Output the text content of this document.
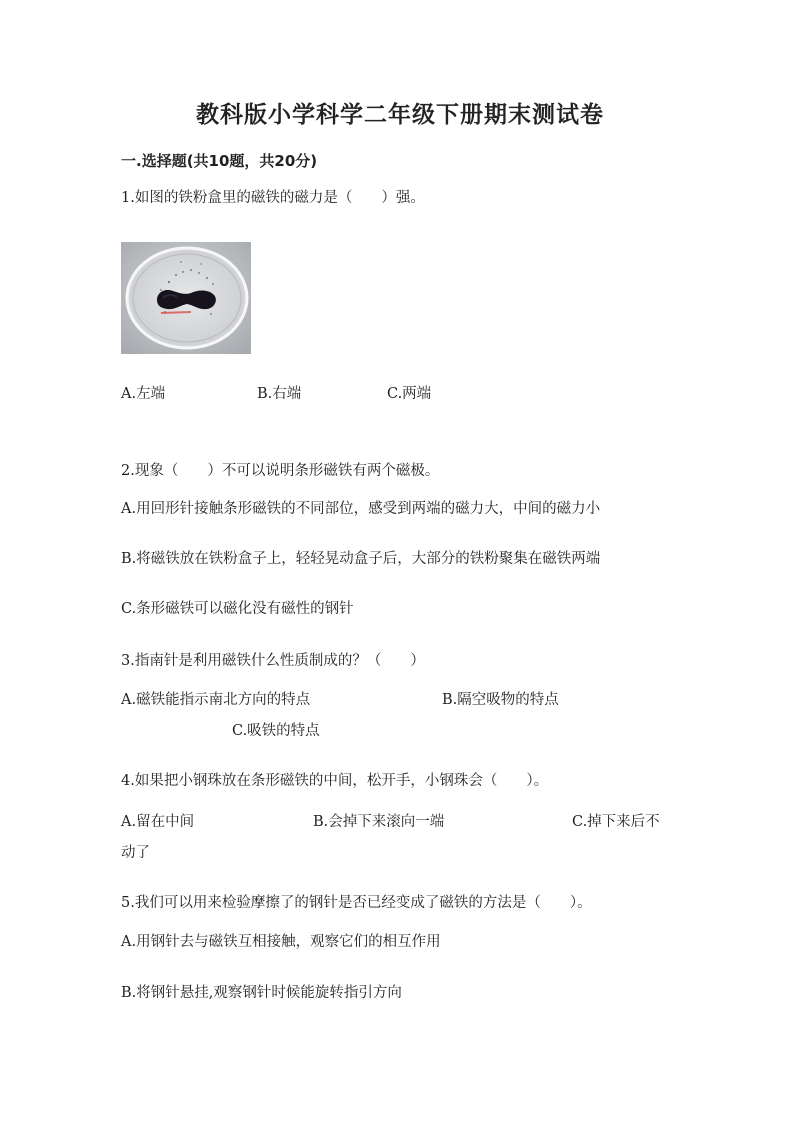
教科版小学科学二年级下册期末测试卷
一.选择题(共10题，共20分)
1.如图的铁粉盒里的磁铁的磁力是（　　）强。
A.左端	B.右端	C.两端
2.现象（　　）不可以说明条形磁铁有两个磁极。
A.用回形针接触条形磁铁的不同部位，感受到两端的磁力大，中间的磁力小
B.将磁铁放在铁粉盒子上，轻轻晃动盒子后，大部分的铁粉聚集在磁铁两端
C.条形磁铁可以磁化没有磁性的钢针
3.指南针是利用磁铁什么性质制成的？（　　）
A.磁铁能指示南北方向的特点	B.隔空吸物的特点
C.吸铁的特点
4.如果把小钢珠放在条形磁铁的中间，松开手，小钢珠会（　　）。
A.留在中间	B.会掉下来滚向一端	C.掉下来后不
动了
5.我们可以用来检验摩擦了的钢针是否已经变成了磁铁的方法是（　　）。
A.用钢针去与磁铁互相接触，观察它们的相互作用
B.将钢针悬挂,观察钢针时候能旋转指引方向
